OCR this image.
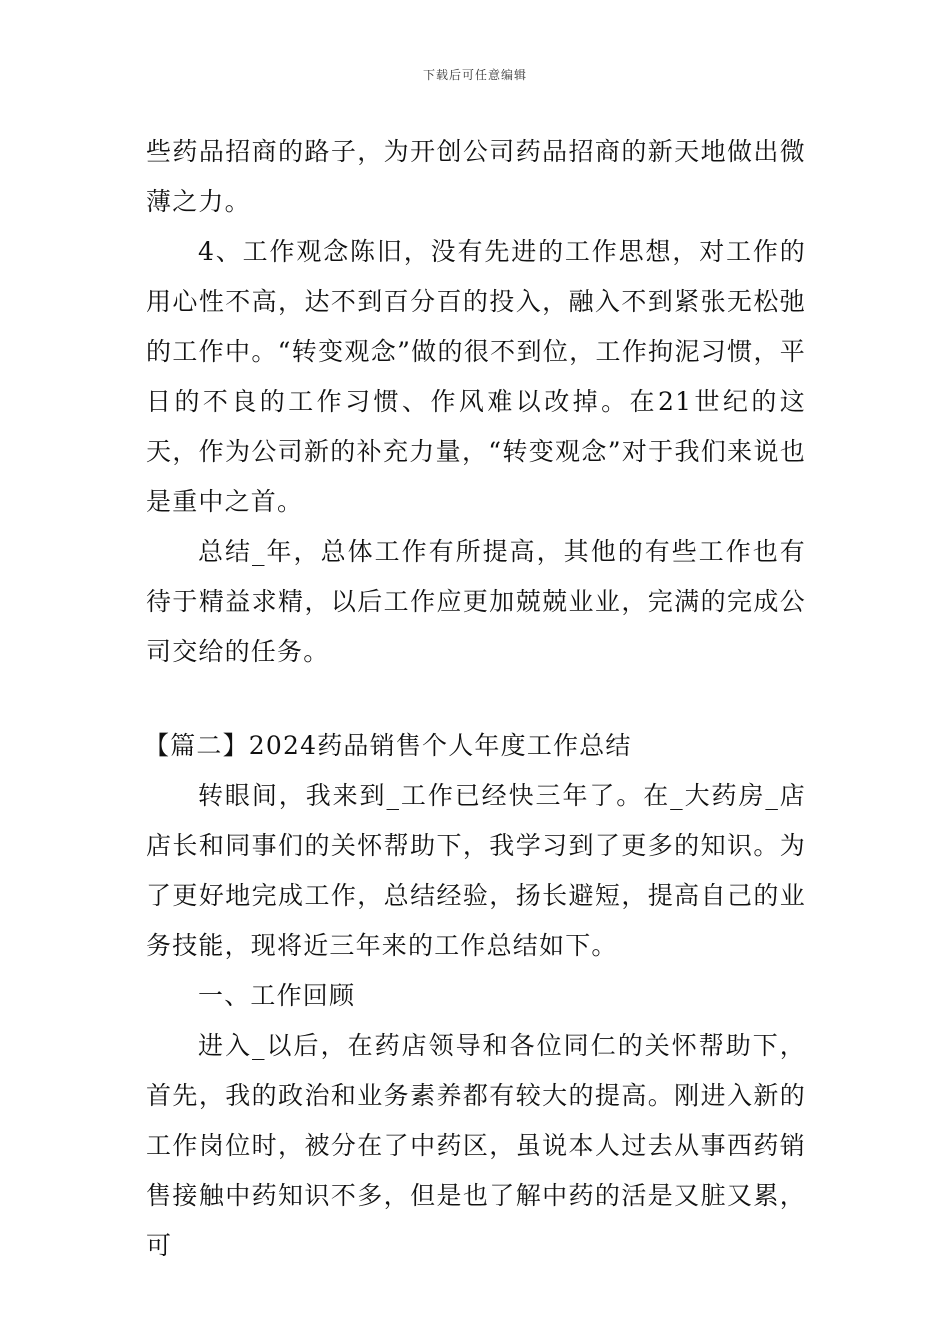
下载后可任意编辑

些药品招商的路子，为开创公司药品招商的新天地做出微薄之力。

4、工作观念陈旧，没有先进的工作思想，对工作的用心性不高，达不到百分百的投入，融入不到紧张无松弛的工作中。“转变观念”做的很不到位，工作拘泥习惯，平日的不良的工作习惯、作风难以改掉。在21世纪的这天，作为公司新的补充力量，“转变观念”对于我们来说也是重中之首。

总结_年，总体工作有所提高，其他的有些工作也有待于精益求精，以后工作应更加兢兢业业，完满的完成公司交给的任务。

【篇二】2024药品销售个人年度工作总结

转眼间，我来到_工作已经快三年了。在_大药房_店店长和同事们的关怀帮助下，我学习到了更多的知识。为了更好地完成工作，总结经验，扬长避短，提高自己的业务技能，现将近三年来的工作总结如下。

一、工作回顾

进入_以后，在药店领导和各位同仁的关怀帮助下，首先，我的政治和业务素养都有较大的提高。刚进入新的工作岗位时，被分在了中药区，虽说本人过去从事西药销售接触中药知识不多，但是也了解中药的活是又脏又累，可
